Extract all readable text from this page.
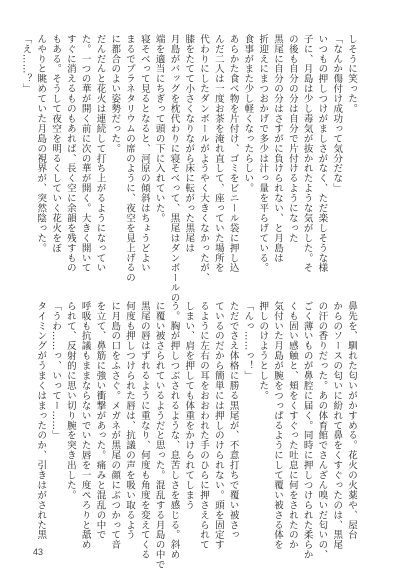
しそうに笑った。
「なんか傷付け成功って気分だな」
いつもの押しつけがましさがなく、ただ楽しそうな様
子に、月島は少し毒気が抜かれたような気がした。そ
の後も自分の分は自分で片付けるようになった
黒尾に自分の分はさすがに負けられない、と月島は
折迎えにまつおかげで多少は汁っ量を平らげている。
食事がまた少し軽くなったらしい。
あらかた食べ物を片付け、ゴミをビニール袋に押し込
んだ二人は一度お茶を淹れ直して、座っていた場所を
代わりにしたダンボールがようやく大きくなかったが、
膝をたてて小さくなりながら床に転がった黒尾は
月島がバッグを枕代わりに寝そべって、黒尾はダンボールの
端を適当にちぎって頭の下に入れていた。
寝そべって見るとなると、河原の傾斜はちょうどよい
まるでプラネタリウムの席のように、夜空を見上げるの
に都合のよい姿勢だった。
だんだんと花火は連続して打ち上がるようになってい
た。一つの華が開く前に次の華が開く。大きく開いて
すぐに消えるものもあれば、長く空に余韻を残すもの
もある。そうして夜空を明るくしていく花火をぼ
んやりと眺めていた月島の視界が、突然陰った。
「え……？」
鼻先を、馴れた匂いがかすめる。花火の火薬や、屋台
からのソースの匂いに紛れて鼻をくすぐったのは、黒尾
の汗の香りだった。あの体育館でさんざん嗅いだ匂いの、
ごく薄いものが鼻腔に届く。同時に押しつけられた柔らか
くも固い感触と、頬をくすぐった吐息に何をされたのか
気付いた月島が腕をつっぱるようにして覆い被さる体を
押しのけようとした。
「んっ……っ！」
ただでさえ体格に勝る黒尾が、不意打ちで覆い被さっ
ているのだから簡単には押しのけられない。頭を固定す
るように左右の耳をおおわれた手のひらに押さえられて
しまい、肩を押しても体重をかけられてしまう
う。胸が押しつぶされるような、息苦しさを感じる。斜め
に覆い被さられているようだと思った。混乱する月島の中で
黒尾の唇はずれるように重なり、何度も角度を変えてくる
何度も押しつけられた唇は、抗議の声を吸い取るよう
に月島の口をふさぐ。メガネが黒尾の顔にぶつかって音
を立て、鼻筋に強い衝撃があった。痛みと混乱の中で
呼吸も抗議もままならないでいた唇を一度ぺろりと舐め
られて、反射的に思い切り腕を突き出した。
「うわ……っ、いってー……」
タイミングがうまくはまったのか、引きはがされた黒
43
